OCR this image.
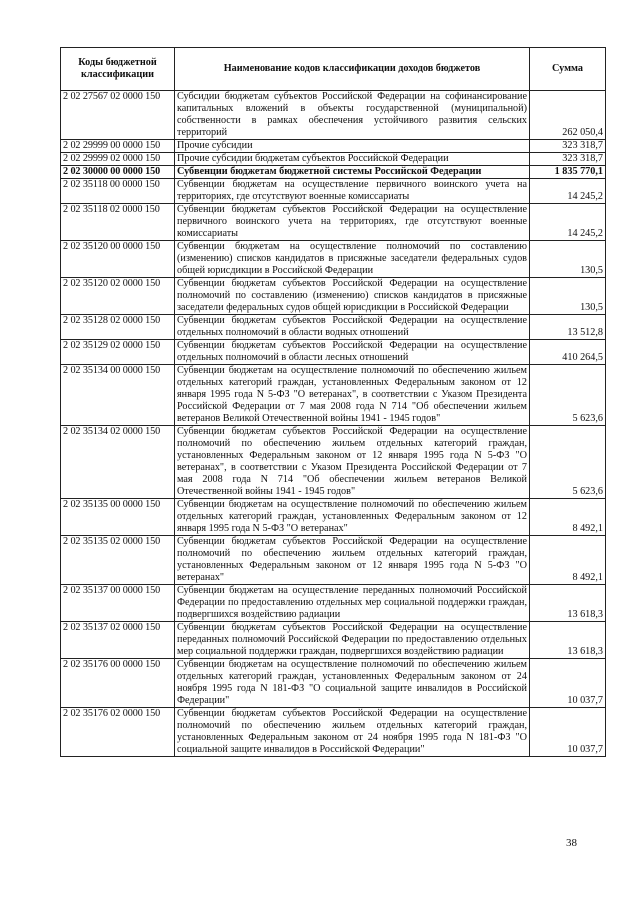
Коды бюджетной классификации	Наименование кодов классификации доходов бюджетов	Сумма
2 02 27567 02 0000 150	Субсидии бюджетам субъектов Российской Федерации на софинансирование капитальных вложений в объекты государственной (муниципальной) собственности в рамках обеспечения устойчивого развития сельских территорий	262 050,4
2 02 29999 00 0000 150	Прочие субсидии	323 318,7
2 02 29999 02 0000 150	Прочие субсидии бюджетам субъектов Российской Федерации	323 318,7
2 02 30000 00 0000 150	Субвенции бюджетам бюджетной системы Российской Федерации	1 835 770,1
2 02 35118 00 0000 150	Субвенции бюджетам на осуществление первичного воинского учета на территориях, где отсутствуют военные комиссариаты	14 245,2
2 02 35118 02 0000 150	Субвенции бюджетам субъектов Российской Федерации на осуществление первичного воинского учета на территориях, где отсутствуют военные комиссариаты	14 245,2
2 02 35120 00 0000 150	Субвенции бюджетам на осуществление полномочий по составлению (изменению) списков кандидатов в присяжные заседатели федеральных судов общей юрисдикции в Российской Федерации	130,5
2 02 35120 02 0000 150	Субвенции бюджетам субъектов Российской Федерации на осуществление полномочий по составлению (изменению) списков кандидатов в присяжные заседатели федеральных судов общей юрисдикции в Российской Федерации	130,5
2 02 35128 02 0000 150	Субвенции бюджетам субъектов Российской Федерации на осуществление отдельных полномочий в области водных отношений	13 512,8
2 02 35129 02 0000 150	Субвенции бюджетам субъектов Российской Федерации на осуществление отдельных полномочий в области лесных отношений	410 264,5
2 02 35134 00 0000 150	Субвенции бюджетам на осуществление полномочий по обеспечению жильем отдельных категорий граждан, установленных Федеральным законом от 12 января 1995 года N 5-ФЗ "О ветеранах", в соответствии с Указом Президента Российской Федерации от 7 мая 2008 года N 714 "Об обеспечении жильем ветеранов Великой Отечественной войны 1941 - 1945 годов"	5 623,6
2 02 35134 02 0000 150	Субвенции бюджетам субъектов Российской Федерации на осуществление полномочий по обеспечению жильем отдельных категорий граждан, установленных Федеральным законом от 12 января 1995 года N 5-ФЗ "О ветеранах", в соответствии с Указом Президента Российской Федерации от 7 мая 2008 года N 714 "Об обеспечении жильем ветеранов Великой Отечественной войны 1941 - 1945 годов"	5 623,6
2 02 35135 00 0000 150	Субвенции бюджетам на осуществление полномочий по обеспечению жильем отдельных категорий граждан, установленных Федеральным законом от 12 января 1995 года N 5-ФЗ "О ветеранах"	8 492,1
2 02 35135 02 0000 150	Субвенции бюджетам субъектов Российской Федерации на осуществление полномочий по обеспечению жильем отдельных категорий граждан, установленных Федеральным законом от 12 января 1995 года N 5-ФЗ "О ветеранах"	8 492,1
2 02 35137 00 0000 150	Субвенции бюджетам на осуществление переданных полномочий Российской Федерации по предоставлению отдельных мер социальной поддержки граждан, подвергшихся воздействию радиации	13 618,3
2 02 35137 02 0000 150	Субвенции бюджетам субъектов Российской Федерации на осуществление переданных полномочий Российской Федерации по предоставлению отдельных мер социальной поддержки граждан, подвергшихся воздействию радиации	13 618,3
2 02 35176 00 0000 150	Субвенции бюджетам на осуществление полномочий по обеспечению жильем отдельных категорий граждан, установленных Федеральным законом от 24 ноября 1995 года N 181-ФЗ "О социальной защите инвалидов в Российской Федерации"	10 037,7
2 02 35176 02 0000 150	Субвенции бюджетам субъектов Российской Федерации на осуществление полномочий по обеспечению жильем отдельных категорий граждан, установленных Федеральным законом от 24 ноября 1995 года N 181-ФЗ "О социальной защите инвалидов в Российской Федерации"	10 037,7
38
